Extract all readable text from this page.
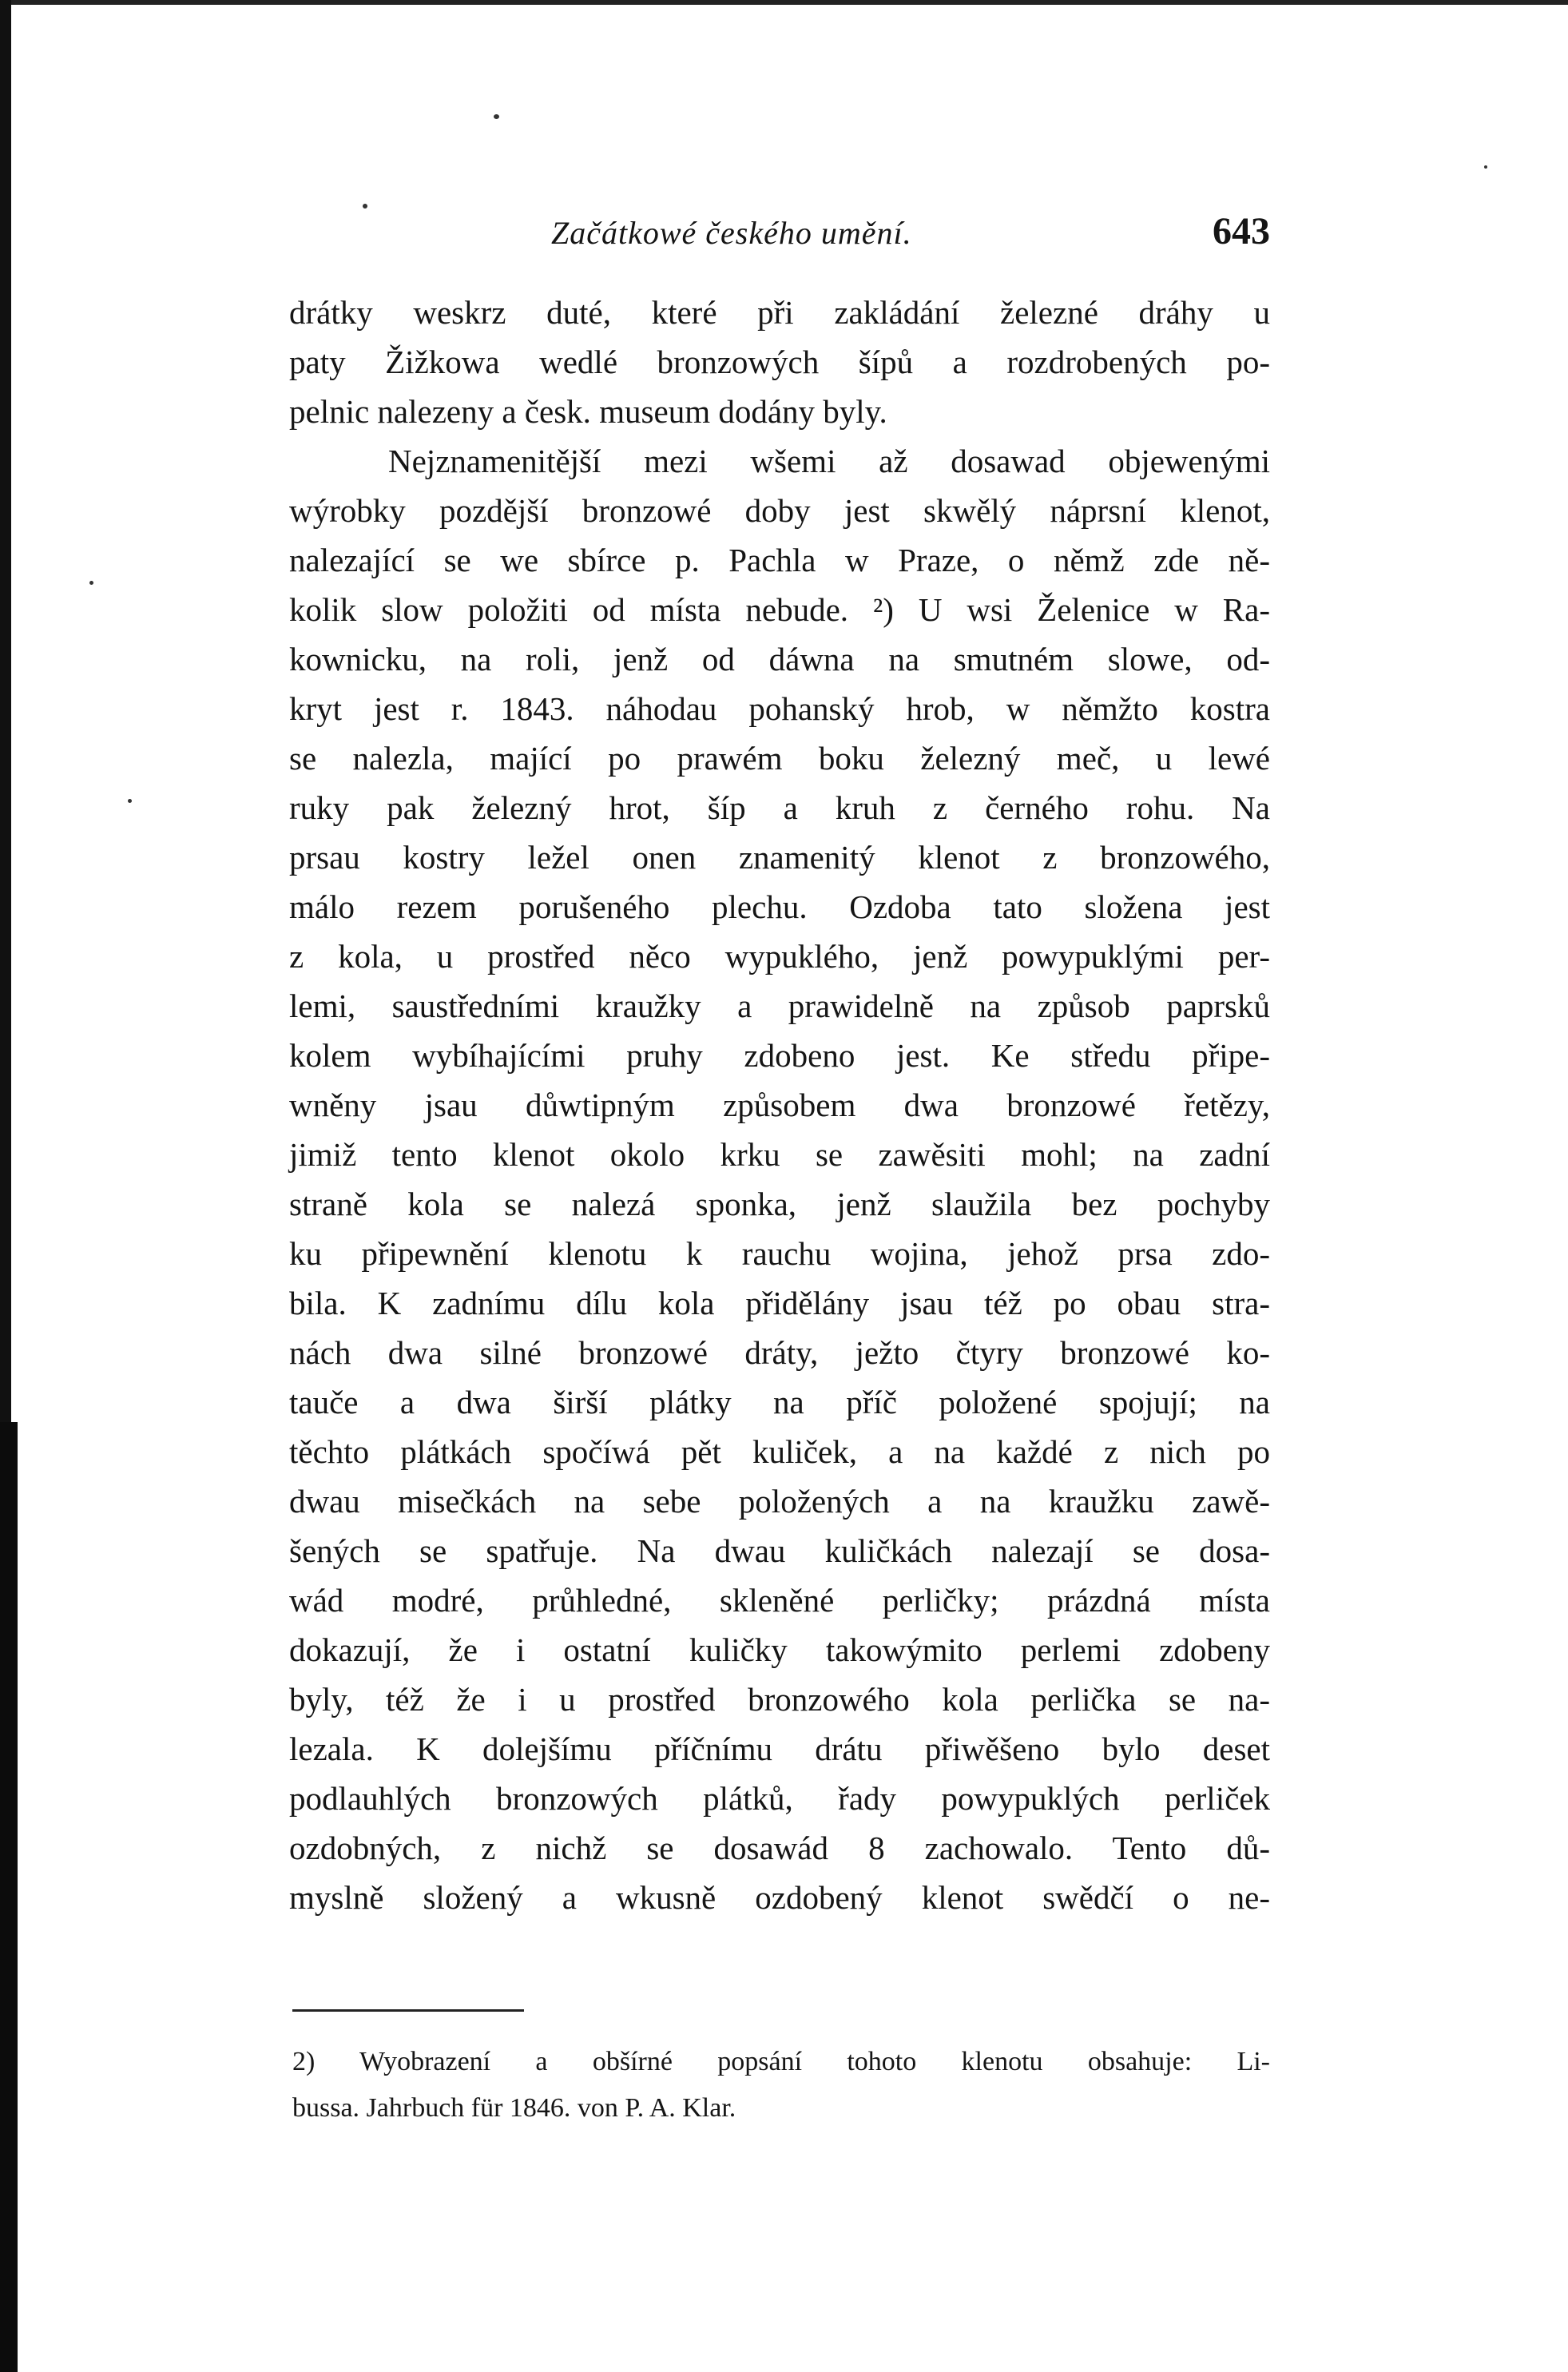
Začátkowé českého umění.	643
drátky weskrz duté, které při zakládání železné dráhy u
paty Žižkowa wedlé bronzowých šípů a rozdrobených po-
pelnic nalezeny a česk. museum dodány byly.
Nejznamenitější mezi wšemi až dosawad objewenými
wýrobky pozdější bronzowé doby jest skwělý náprsní klenot,
nalezající se we sbírce p. Pachla w Praze, o němž zde ně-
kolik slow položiti od místa nebude. ²) U wsi Želenice w Ra-
kownicku, na roli, jenž od dáwna na smutném slowe, od-
kryt jest r. 1843. náhodau pohanský hrob, w němžto kostra
se nalezla, mající po prawém boku železný meč, u lewé
ruky pak železný hrot, šíp a kruh z černého rohu. Na
prsau kostry ležel onen znamenitý klenot z bronzowého,
málo rezem porušeného plechu. Ozdoba tato složena jest
z kola, u prostřed něco wypuklého, jenž powypuklými per-
lemi, saustředními kraužky a prawidelně na způsob paprsků
kolem wybíhajícími pruhy zdobeno jest. Ke středu připe-
wněny jsau důwtipným způsobem dwa bronzowé řetězy,
jimiž tento klenot okolo krku se zawěsiti mohl; na zadní
straně kola se nalezá sponka, jenž slaužila bez pochyby
ku připewnění klenotu k rauchu wojina, jehož prsa zdo-
bila. K zadnímu dílu kola přidělány jsau též po obau stra-
nách dwa silné bronzowé dráty, ježto čtyry bronzowé ko-
tauče a dwa širší plátky na příč položené spojují; na
těchto plátkách spočíwá pět kuliček, a na každé z nich po
dwau misečkách na sebe položených a na kraužku zawě-
šených se spatřuje. Na dwau kuličkách nalezají se dosa-
wád modré, průhledné, skleněné perličky; prázdná místa
dokazují, že i ostatní kuličky takowýmito perlemi zdobeny
byly, též že i u prostřed bronzowého kola perlička se na-
lezala. K dolejšímu příčnímu drátu přiwěšeno bylo deset
podlauhlých bronzowých plátků, řady powypuklých perliček
ozdobných, z nichž se dosawád 8 zachowalo. Tento dů-
myslně složený a wkusně ozdobený klenot swědčí o ne-
2) Wyobrazení a obšírné popsání tohoto klenotu obsahuje: Li-
bussa. Jahrbuch für 1846. von P. A. Klar.
